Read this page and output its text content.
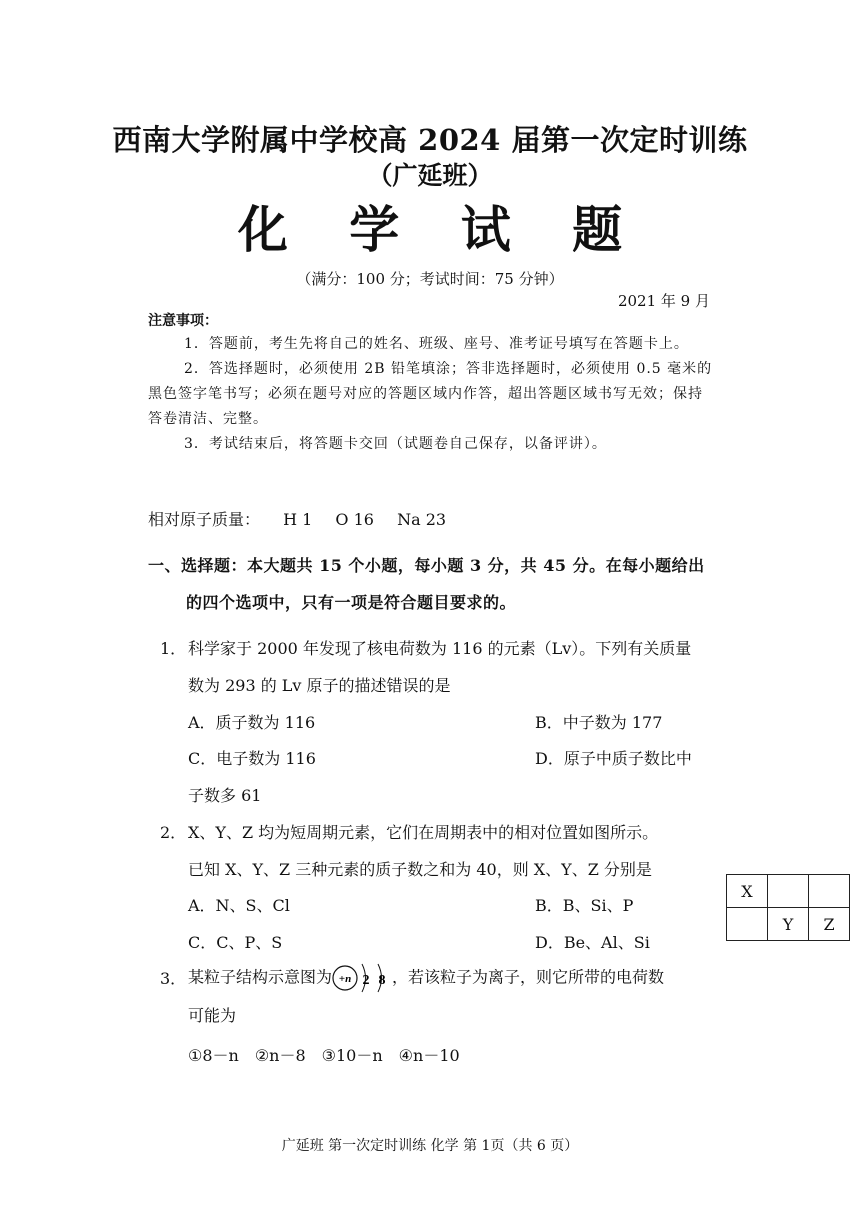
西南大学附属中学校高 2024 届第一次定时训练
（广延班）
化 学 试 题
（满分：100 分；考试时间：75 分钟）
2021 年 9 月
注意事项：

1．答题前，考生先将自己的姓名、班级、座号、准考证号填写在答题卡上。

2．答选择题时，必须使用 2B 铅笔填涂；答非选择题时，必须使用 0.5 毫米的黑色签字笔书写；必须在题号对应的答题区域内作答，超出答题区域书写无效；保持答卷清洁、完整。

3．考试结束后，将答题卡交回（试题卷自己保存，以备评讲）。

相对原子质量： H 1 O 16 Na 23
一、选择题：本大题共 15 个小题，每小题 3 分，共 45 分。在每小题给出
的四个选项中，只有一项是符合题目要求的。
1． 科学家于 2000 年发现了核电荷数为 116 的元素（Lv）。下列有关质量
数为 293 的 Lv 原子的描述错误的是
A．质子数为 116	B．中子数为 177
C．电子数为 116	D．原子中质子数比中
子数多 61
2． X、Y、Z 均为短周期元素，它们在周期表中的相对位置如图所示。
已知 X、Y、Z 三种元素的质子数之和为 40，则 X、Y、Z 分别是
A．N、S、Cl	B．B、Si、P
C．C、P、S	D．Be、Al、Si
X		
	Y	Z
3． 某粒子结构示意图为 +n 2 8 ，若该粒子为离子，则它所带的电荷数
可能为
①8－n　②n－8　③10－n　④n－10
广延班 第一次定时训练 化学 第 1页（共 6 页）
